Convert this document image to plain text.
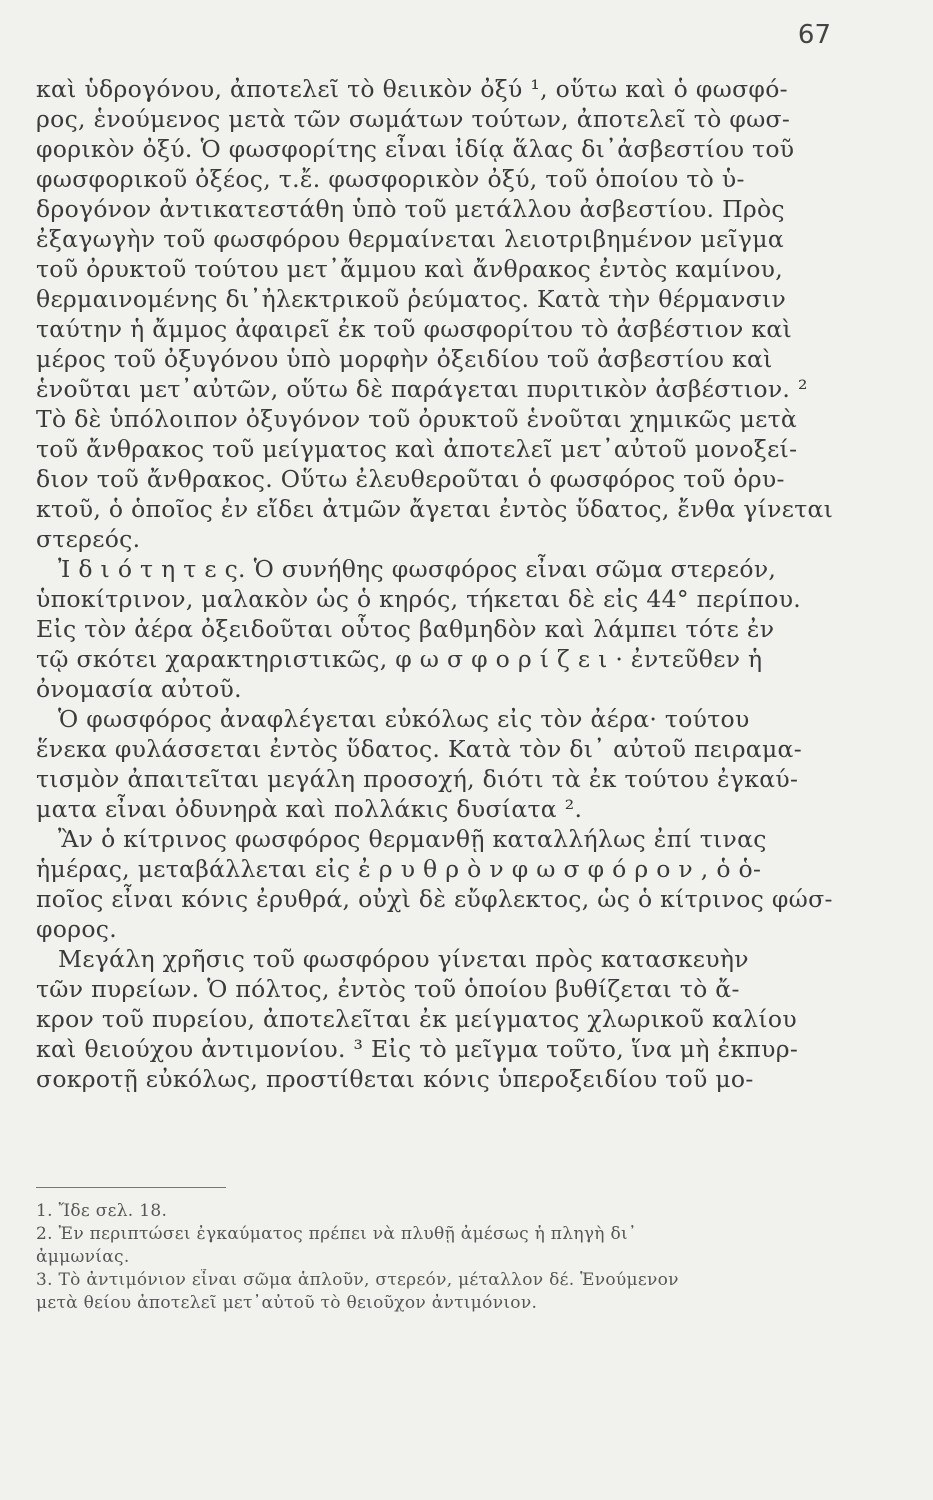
67
καὶ ὑδρογόνου, ἀποτελεῖ τὸ θειικὸν ὀξύ ¹, οὕτω καὶ ὁ φωσφό-
ρος, ἑνούμενος μετὰ τῶν σωμάτων τούτων, ἀποτελεῖ τὸ φωσ-
φορικὸν ὀξύ. Ὁ φωσφορίτης εἶναι ἰδίᾳ ἅλας δι᾽ἀσβεστίου τοῦ
φωσφορικοῦ ὀξέος, τ.ἔ. φωσφορικὸν ὀξύ, τοῦ ὁποίου τὸ ὑ-
δρογόνον ἀντικατεστάθη ὑπὸ τοῦ μετάλλου ἀσβεστίου. Πρὸς
ἐξαγωγὴν τοῦ φωσφόρου θερμαίνεται λειοτριβημένον μεῖγμα
τοῦ ὀρυκτοῦ τούτου μετ᾽ἄμμου καὶ ἄνθρακος ἐντὸς καμίνου,
θερμαινομένης δι᾽ἠλεκτρικοῦ ῥεύματος. Κατὰ τὴν θέρμανσιν
ταύτην ἡ ἄμμος ἀφαιρεῖ ἐκ τοῦ φωσφορίτου τὸ ἀσβέστιον καὶ
μέρος τοῦ ὀξυγόνου ὑπὸ μορφὴν ὀξειδίου τοῦ ἀσβεστίου καὶ
ἑνοῦται μετ᾽αὐτῶν, οὕτω δὲ παράγεται πυριτικὸν ἀσβέστιον. ²
Τὸ δὲ ὑπόλοιπον ὀξυγόνον τοῦ ὀρυκτοῦ ἑνοῦται χημικῶς μετὰ
τοῦ ἄνθρακος τοῦ μείγματος καὶ ἀποτελεῖ μετ᾽αὐτοῦ μονοξεί-
διον τοῦ ἄνθρακος. Οὕτω ἐλευθεροῦται ὁ φωσφόρος τοῦ ὀρυ-
κτοῦ, ὁ ὁποῖος ἐν εἴδει ἀτμῶν ἄγεται ἐντὸς ὕδατος, ἔνθα γίνεται
στερεός.
Ἰ δ ι ό τ η τ ε ς. Ὁ συνήθης φωσφόρος εἶναι σῶμα στερεόν,
ὑποκίτρινον, μαλακὸν ὡς ὁ κηρός, τήκεται δὲ εἰς 44° περίπου.
Εἰς τὸν ἀέρα ὀξειδοῦται οὗτος βαθμηδὸν καὶ λάμπει τότε ἐν
τῷ σκότει χαρακτηριστικῶς, φ ω σ φ ο ρ ί ζ ε ι · ἐντεῦθεν ἡ
ὀνομασία αὐτοῦ.
Ὁ φωσφόρος ἀναφλέγεται εὐκόλως εἰς τὸν ἀέρα· τούτου
ἕνεκα φυλάσσεται ἐντὸς ὕδατος. Κατὰ τὸν δι᾽ αὐτοῦ πειραμα-
τισμὸν ἀπαιτεῖται μεγάλη προσοχή, διότι τὰ ἐκ τούτου ἐγκαύ-
ματα εἶναι ὀδυνηρὰ καὶ πολλάκις δυσίατα ².
Ἂν ὁ κίτρινος φωσφόρος θερμανθῇ καταλλήλως ἐπί τινας
ἡμέρας, μεταβάλλεται εἰς ἐ ρ υ θ ρ ὸ ν φ ω σ φ ό ρ ο ν , ὁ ὁ-
ποῖος εἶναι κόνις ἐρυθρά, οὐχὶ δὲ εὔφλεκτος, ὡς ὁ κίτρινος φώσ-
φορος.
Μεγάλη χρῆσις τοῦ φωσφόρου γίνεται πρὸς κατασκευὴν
τῶν πυρείων. Ὁ πόλτος, ἐντὸς τοῦ ὁποίου βυθίζεται τὸ ἄ-
κρον τοῦ πυρείου, ἀποτελεῖται ἐκ μείγματος χλωρικοῦ καλίου
καὶ θειούχου ἀντιμονίου. ³ Εἰς τὸ μεῖγμα τοῦτο, ἵνα μὴ ἐκπυρ-
σοκροτῇ εὐκόλως, προστίθεται κόνις ὑπεροξειδίου τοῦ μο-
1. Ἴδε σελ. 18.
2. Ἐν περιπτώσει ἐγκαύματος πρέπει νὰ πλυθῇ ἀμέσως ἡ πληγὴ δι᾽
ἀμμωνίας.
3. Τὸ ἀντιμόνιον εἶναι σῶμα ἁπλοῦν, στερεόν, μέταλλον δέ. Ἑνούμενον
μετὰ θείου ἀποτελεῖ μετ᾽αὐτοῦ τὸ θειοῦχον ἀντιμόνιον.
